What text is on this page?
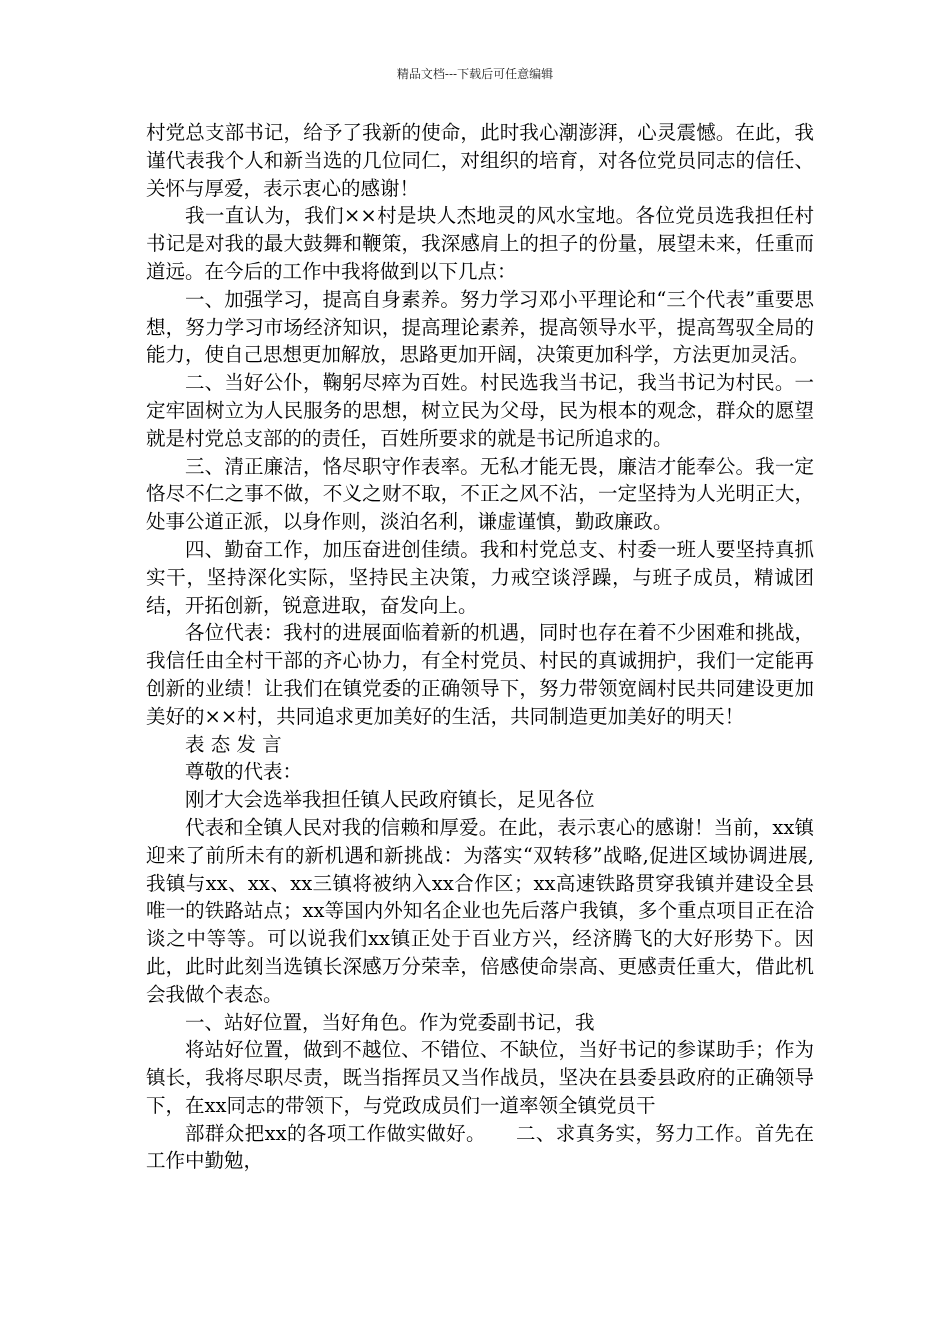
精品文档---下载后可任意编辑

村党总支部书记，给予了我新的使命，此时我心潮澎湃，心灵震憾。在此，我谨代表我个人和新当选的几位同仁，对组织的培育，对各位党员同志的信任、关怀与厚爱，表示衷心的感谢！

我一直认为，我们××村是块人杰地灵的风水宝地。各位党员选我担任村书记是对我的最大鼓舞和鞭策，我深感肩上的担子的份量，展望未来，任重而道远。在今后的工作中我将做到以下几点：

一、加强学习，提高自身素养。努力学习邓小平理论和“三个代表”重要思想，努力学习市场经济知识，提高理论素养，提高领导水平，提高驾驭全局的能力，使自己思想更加解放，思路更加开阔，决策更加科学，方法更加灵活。

二、当好公仆，鞠躬尽瘁为百姓。村民选我当书记，我当书记为村民。一定牢固树立为人民服务的思想，树立民为父母，民为根本的观念，群众的愿望就是村党总支部的的责任，百姓所要求的就是书记所追求的。

三、清正廉洁，恪尽职守作表率。无私才能无畏，廉洁才能奉公。我一定恪尽不仁之事不做，不义之财不取，不正之风不沾，一定坚持为人光明正大，处事公道正派，以身作则，淡泊名利，谦虚谨慎，勤政廉政。

四、勤奋工作，加压奋进创佳绩。我和村党总支、村委一班人要坚持真抓实干，坚持深化实际，坚持民主决策，力戒空谈浮躁，与班子成员，精诚团结，开拓创新，锐意进取，奋发向上。

各位代表：我村的进展面临着新的机遇，同时也存在着不少困难和挑战，我信任由全村干部的齐心协力，有全村党员、村民的真诚拥护，我们一定能再创新的业绩！让我们在镇党委的正确领导下，努力带领宽阔村民共同建设更加美好的××村，共同追求更加美好的生活，共同制造更加美好的明天！

表 态 发 言

尊敬的代表：

刚才大会选举我担任镇人民政府镇长，足见各位

代表和全镇人民对我的信赖和厚爱。在此，表示衷心的感谢！当前，xx镇迎来了前所未有的新机遇和新挑战：为落实“双转移”战略,促进区域协调进展,我镇与xx、xx、xx三镇将被纳入xx合作区；xx高速铁路贯穿我镇并建设全县唯一的铁路站点；xx等国内外知名企业也先后落户我镇，多个重点项目正在洽谈之中等等。可以说我们xx镇正处于百业方兴，经济腾飞的大好形势下。因此，此时此刻当选镇长深感万分荣幸，倍感使命崇高、更感责任重大，借此机会我做个表态。

一、站好位置，当好角色。作为党委副书记，我

将站好位置，做到不越位、不错位、不缺位，当好书记的参谋助手；作为镇长，我将尽职尽责，既当指挥员又当作战员，坚决在县委县政府的正确领导下，在xx同志的带领下，与党政成员们一道率领全镇党员干

部群众把xx的各项工作做实做好。　　二、求真务实，努力工作。首先在工作中勤勉，
